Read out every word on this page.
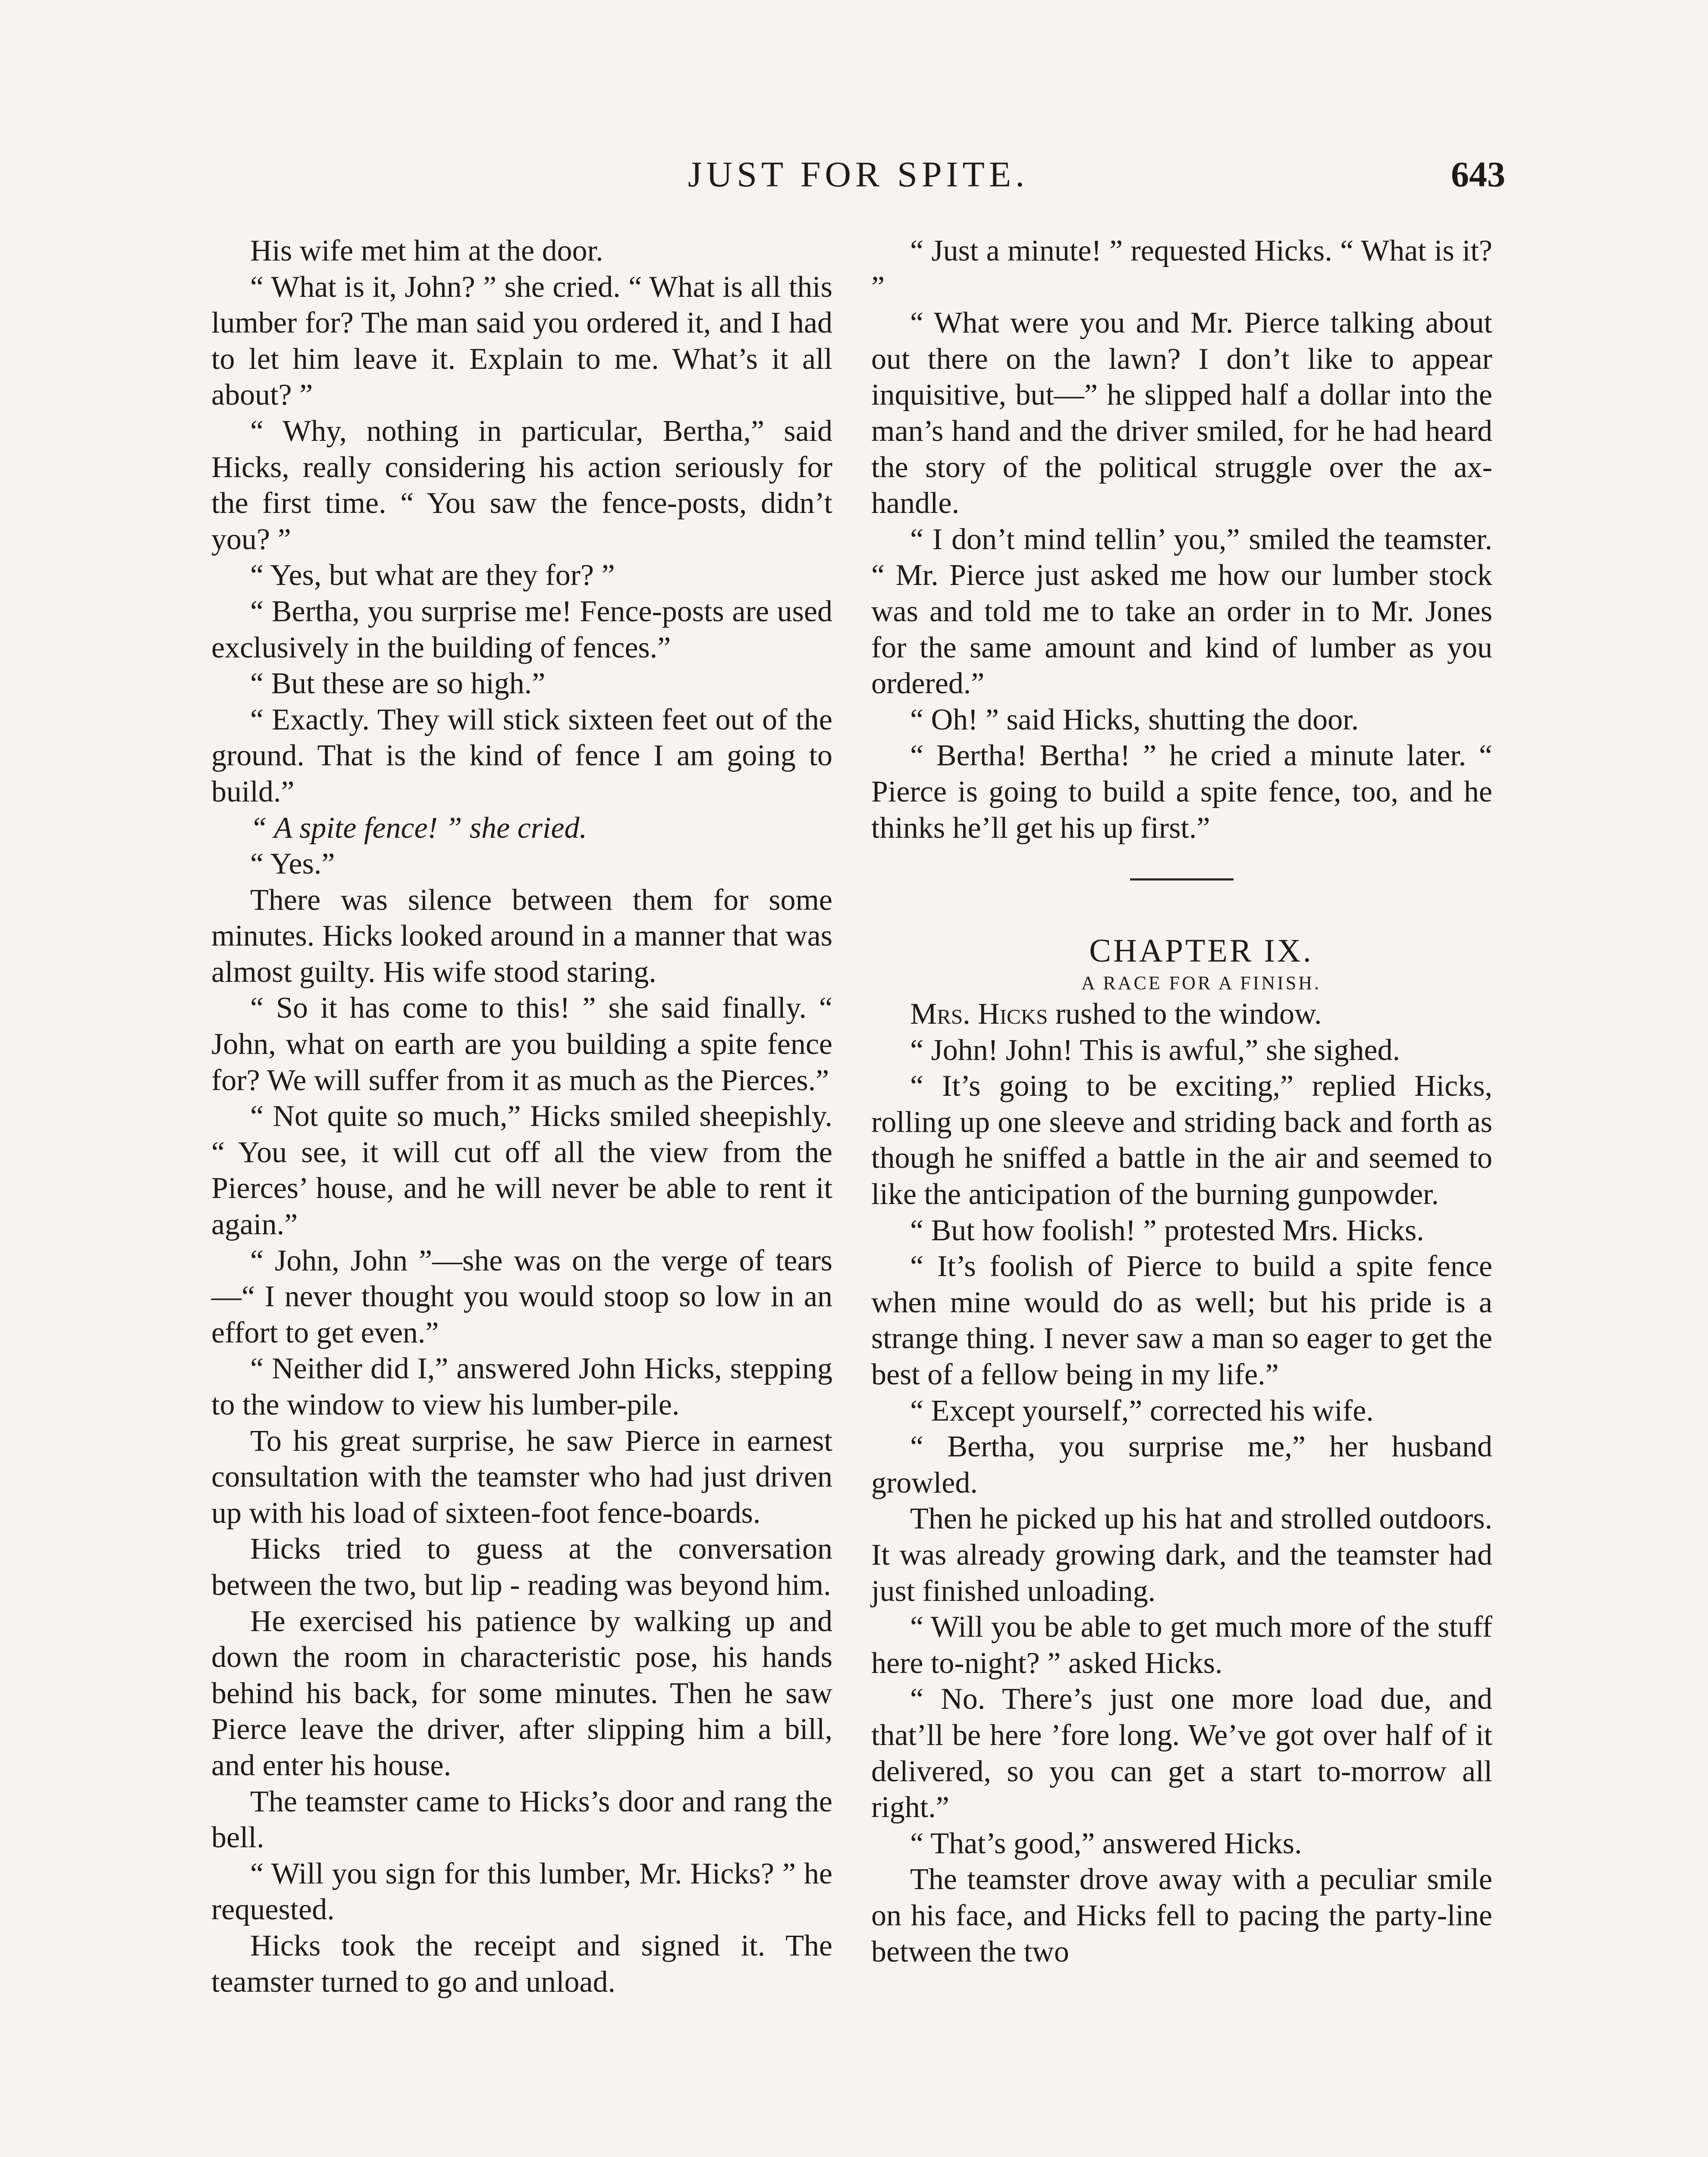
JUST FOR SPITE.	643

His wife met him at the door.

“ What is it, John? ” she cried. “ What is all this lumber for? The man said you ordered it, and I had to let him leave it. Explain to me. What’s it all about? ”

“ Why, nothing in particular, Bertha,” said Hicks, really considering his action seriously for the first time. “ You saw the fence-posts, didn’t you? ”

“ Yes, but what are they for? ”

“ Bertha, you surprise me! Fence-posts are used exclusively in the building of fences.”

“ But these are so high.”

“ Exactly. They will stick sixteen feet out of the ground. That is the kind of fence I am going to build.”

“ A spite fence! ” she cried.

“ Yes.”

There was silence between them for some minutes. Hicks looked around in a manner that was almost guilty. His wife stood staring.

“ So it has come to this! ” she said finally. “ John, what on earth are you building a spite fence for? We will suffer from it as much as the Pierces.”

“ Not quite so much,” Hicks smiled sheepishly. “ You see, it will cut off all the view from the Pierces’ house, and he will never be able to rent it again.”

“ John, John ”—she was on the verge of tears—“ I never thought you would stoop so low in an effort to get even.”

“ Neither did I,” answered John Hicks, stepping to the window to view his lumber-pile.

To his great surprise, he saw Pierce in earnest consultation with the teamster who had just driven up with his load of sixteen-foot fence-boards.

Hicks tried to guess at the conversation between the two, but lip - reading was beyond him.

He exercised his patience by walking up and down the room in characteristic pose, his hands behind his back, for some minutes. Then he saw Pierce leave the driver, after slipping him a bill, and enter his house.

The teamster came to Hicks’s door and rang the bell.

“ Will you sign for this lumber, Mr. Hicks? ” he requested.

Hicks took the receipt and signed it. The teamster turned to go and unload.

“ Just a minute! ” requested Hicks. “ What is it? ”

“ What were you and Mr. Pierce talking about out there on the lawn? I don’t like to appear inquisitive, but—” he slipped half a dollar into the man’s hand and the driver smiled, for he had heard the story of the political struggle over the ax-handle.

“ I don’t mind tellin’ you,” smiled the teamster. “ Mr. Pierce just asked me how our lumber stock was and told me to take an order in to Mr. Jones for the same amount and kind of lumber as you ordered.”

“ Oh! ” said Hicks, shutting the door.

“ Bertha! Bertha! ” he cried a minute later. “ Pierce is going to build a spite fence, too, and he thinks he’ll get his up first.”

CHAPTER IX.

A RACE FOR A FINISH.

Mrs. Hicks rushed to the window.

“ John! John! This is awful,” she sighed.

“ It’s going to be exciting,” replied Hicks, rolling up one sleeve and striding back and forth as though he sniffed a battle in the air and seemed to like the anticipation of the burning gunpowder.

“ But how foolish! ” protested Mrs. Hicks.

“ It’s foolish of Pierce to build a spite fence when mine would do as well; but his pride is a strange thing. I never saw a man so eager to get the best of a fellow being in my life.”

“ Except yourself,” corrected his wife.

“ Bertha, you surprise me,” her husband growled.

Then he picked up his hat and strolled outdoors. It was already growing dark, and the teamster had just finished unloading.

“ Will you be able to get much more of the stuff here to-night? ” asked Hicks.

“ No. There’s just one more load due, and that’ll be here ’fore long. We’ve got over half of it delivered, so you can get a start to-morrow all right.”

“ That’s good,” answered Hicks.

The teamster drove away with a peculiar smile on his face, and Hicks fell to pacing the party-line between the two
